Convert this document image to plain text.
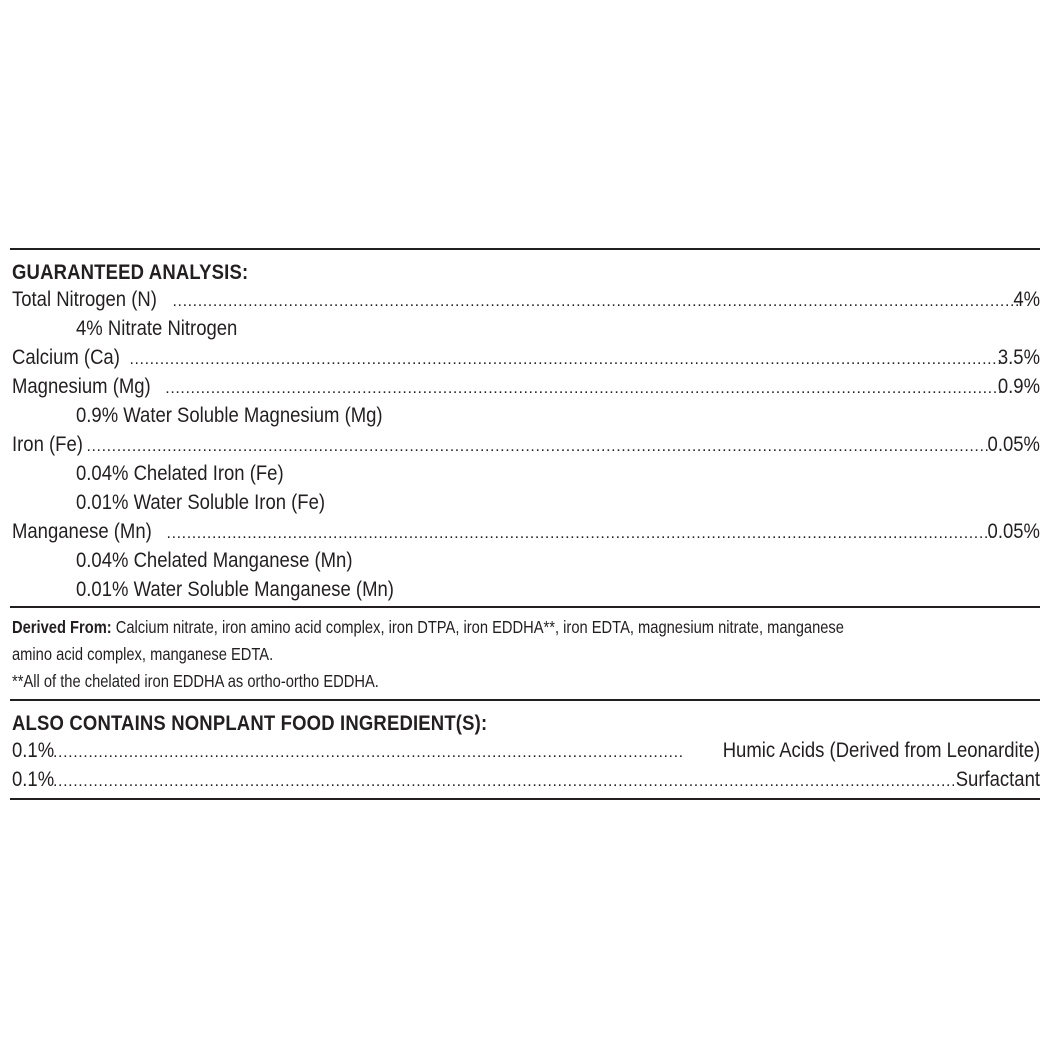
GUARANTEED ANALYSIS:
Total Nitrogen (N) .....	4%
4% Nitrate Nitrogen
Calcium (Ca) .....	3.5%
Magnesium (Mg) .....	0.9%
0.9% Water Soluble Magnesium (Mg)
Iron (Fe) .....	0.05%
0.04% Chelated Iron (Fe)
0.01% Water Soluble Iron (Fe)
Manganese (Mn) .....	0.05%
0.04% Chelated Manganese (Mn)
0.01% Water Soluble Manganese (Mn)
Derived From: Calcium nitrate, iron amino acid complex, iron DTPA, iron EDDHA**, iron EDTA, magnesium nitrate, manganese
amino acid complex, manganese EDTA.
**All of the chelated iron EDDHA as ortho-ortho EDDHA.
ALSO CONTAINS NONPLANT FOOD INGREDIENT(S):
0.1% .....	Humic Acids (Derived from Leonardite)
0.1% .....	Surfactant
